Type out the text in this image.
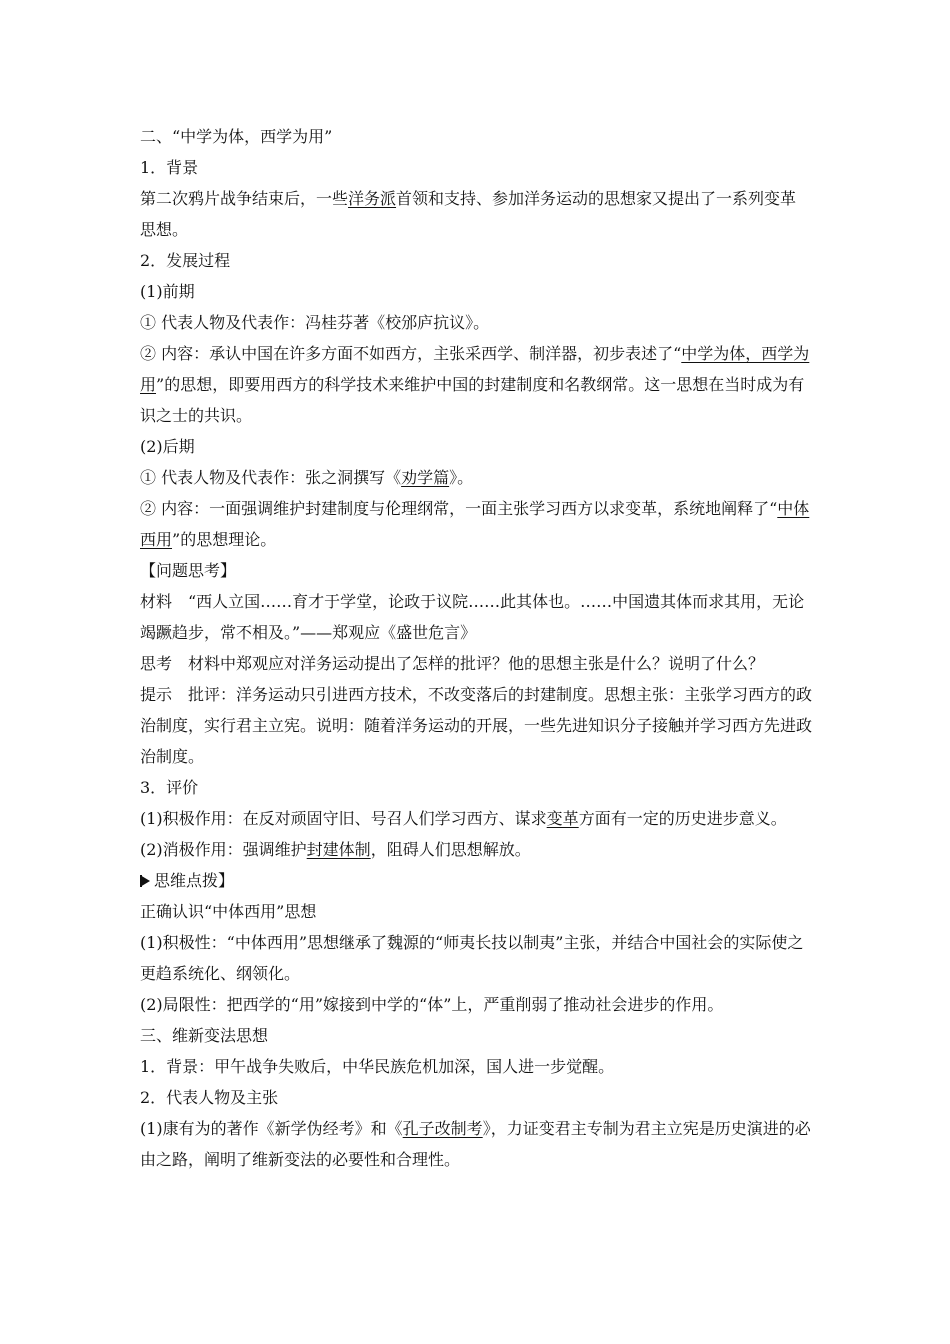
二、“中学为体，西学为用”

1．背景

第二次鸦片战争结束后，一些洋务派首领和支持、参加洋务运动的思想家又提出了一系列变革思想。

2．发展过程

(1)前期

① 代表人物及代表作：冯桂芬著《校邠庐抗议》。

② 内容：承认中国在许多方面不如西方，主张采西学、制洋器，初步表述了“中学为体，西学为用”的思想，即要用西方的科学技术来维护中国的封建制度和名教纲常。这一思想在当时成为有识之士的共识。

(2)后期

① 代表人物及代表作：张之洞撰写《劝学篇》。

② 内容：一面强调维护封建制度与伦理纲常，一面主张学习西方以求变革，系统地阐释了“中体西用”的思想理论。

【问题思考】

材料　“西人立国……育才于学堂，论政于议院……此其体也。……中国遗其体而求其用，无论竭蹶趋步，常不相及。”——郑观应《盛世危言》

思考　材料中郑观应对洋务运动提出了怎样的批评？他的思想主张是什么？说明了什么？

提示　批评：洋务运动只引进西方技术，不改变落后的封建制度。思想主张：主张学习西方的政治制度，实行君主立宪。说明：随着洋务运动的开展，一些先进知识分子接触并学习西方先进政治制度。

3．评价

(1)积极作用：在反对顽固守旧、号召人们学习西方、谋求变革方面有一定的历史进步意义。

(2)消极作用：强调维护封建体制，阻碍人们思想解放。

思维点拨】

正确认识“中体西用”思想

(1)积极性：“中体西用”思想继承了魏源的“师夷长技以制夷”主张，并结合中国社会的实际使之更趋系统化、纲领化。

(2)局限性：把西学的“用”嫁接到中学的“体”上，严重削弱了推动社会进步的作用。

三、维新变法思想

1．背景：甲午战争失败后，中华民族危机加深，国人进一步觉醒。

2．代表人物及主张

(1)康有为的著作《新学伪经考》和《孔子改制考》，力证变君主专制为君主立宪是历史演进的必由之路，阐明了维新变法的必要性和合理性。
